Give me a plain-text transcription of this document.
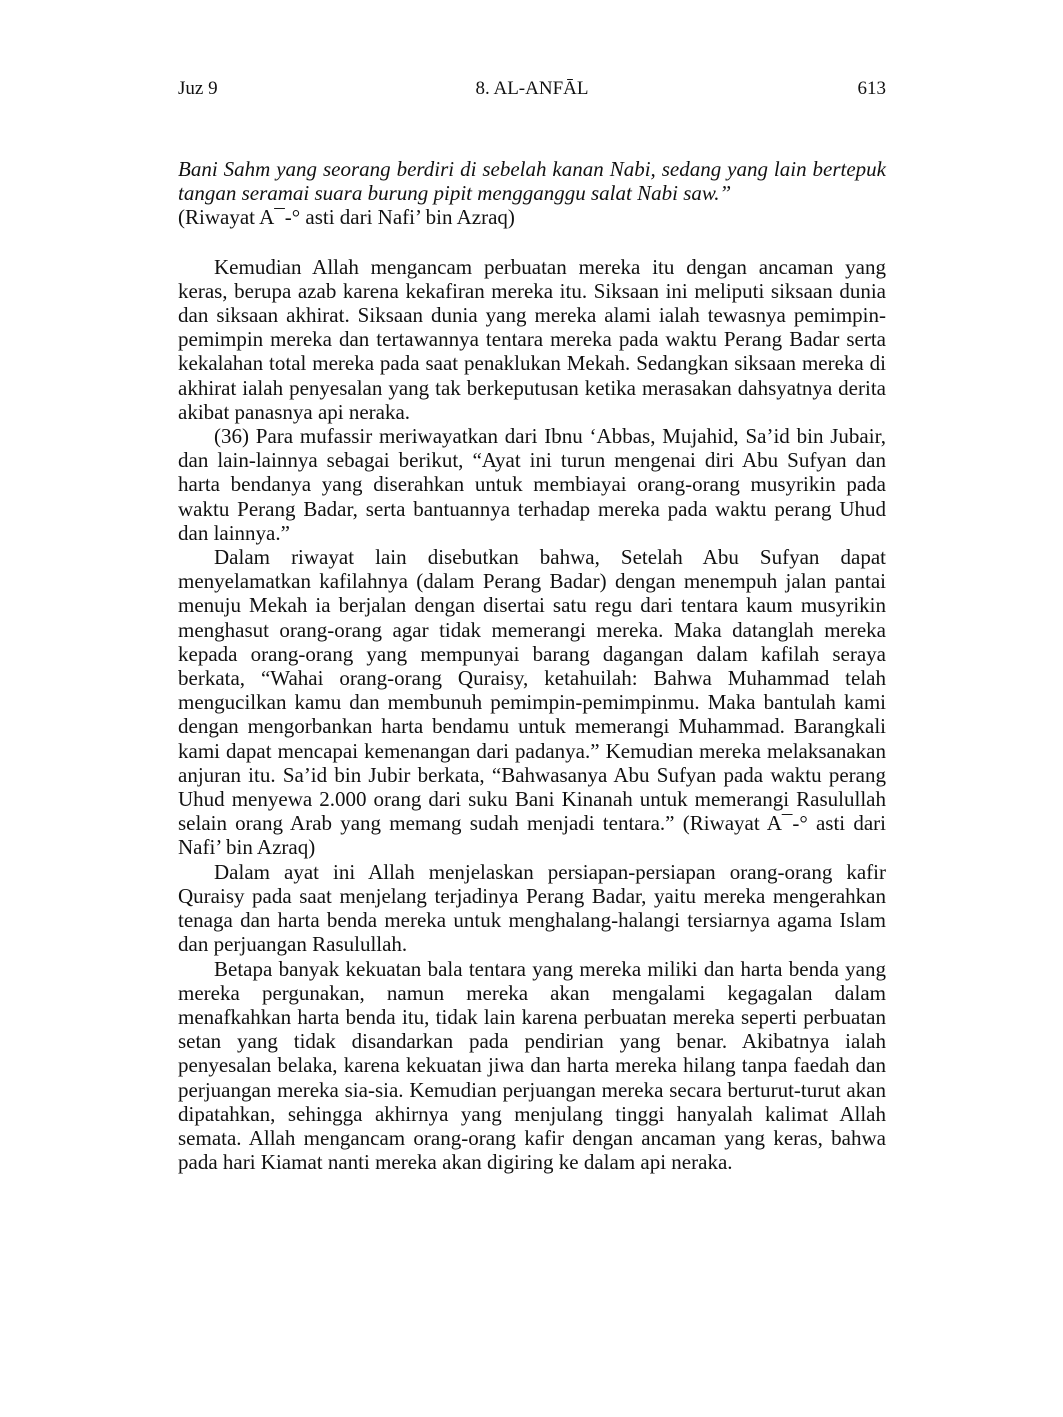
Juz 9	8. AL-ANFĀL	613

Bani Sahm yang seorang berdiri di sebelah kanan Nabi, sedang yang lain bertepuk tangan seramai suara burung pipit mengganggu salat Nabi saw.”
(Riwayat A¯-° asti dari Nafi’ bin Azraq)

Kemudian Allah mengancam perbuatan mereka itu dengan ancaman yang keras, berupa azab karena kekafiran mereka itu. Siksaan ini meliputi siksaan dunia dan siksaan akhirat. Siksaan dunia yang mereka alami ialah tewasnya pemimpin-pemimpin mereka dan tertawannya tentara mereka pada waktu Perang Badar serta kekalahan total mereka pada saat penaklukan Mekah. Sedangkan siksaan mereka di akhirat ialah penyesalan yang tak berkeputusan ketika merasakan dahsyatnya derita akibat panasnya api neraka.

(36) Para mufassir meriwayatkan dari Ibnu ‘Abbas, Mujahid, Sa’id bin Jubair, dan lain-lainnya sebagai berikut, “Ayat ini turun mengenai diri Abu Sufyan dan harta bendanya yang diserahkan untuk membiayai orang-orang musyrikin pada waktu Perang Badar, serta bantuannya terhadap mereka pada waktu perang Uhud dan lainnya.”

Dalam riwayat lain disebutkan bahwa, Setelah Abu Sufyan dapat menyelamatkan kafilahnya (dalam Perang Badar) dengan menempuh jalan pantai menuju Mekah ia berjalan dengan disertai satu regu dari tentara kaum musyrikin menghasut orang-orang agar tidak memerangi mereka. Maka datanglah mereka kepada orang-orang yang mempunyai barang dagangan dalam kafilah seraya berkata, “Wahai orang-orang Quraisy, ketahuilah: Bahwa Muhammad telah mengucilkan kamu dan membunuh pemimpin-pemimpinmu. Maka bantulah kami dengan mengorbankan harta bendamu untuk memerangi Muhammad. Barangkali kami dapat mencapai kemenangan dari padanya.” Kemudian mereka melaksanakan anjuran itu. Sa’id bin Jubir berkata, “Bahwasanya Abu Sufyan pada waktu perang Uhud menyewa 2.000 orang dari suku Bani Kinanah untuk memerangi Rasulullah selain orang Arab yang memang sudah menjadi tentara.” (Riwayat A¯-° asti dari Nafi’ bin Azraq)

Dalam ayat ini Allah menjelaskan persiapan-persiapan orang-orang kafir Quraisy pada saat menjelang terjadinya Perang Badar, yaitu mereka mengerahkan tenaga dan harta benda mereka untuk menghalang-halangi tersiarnya agama Islam dan perjuangan Rasulullah.

Betapa banyak kekuatan bala tentara yang mereka miliki dan harta benda yang mereka pergunakan, namun mereka akan mengalami kegagalan dalam menafkahkan harta benda itu, tidak lain karena perbuatan mereka seperti perbuatan setan yang tidak disandarkan pada pendirian yang benar. Akibatnya ialah penyesalan belaka, karena kekuatan jiwa dan harta mereka hilang tanpa faedah dan perjuangan mereka sia-sia. Kemudian perjuangan mereka secara berturut-turut akan dipatahkan, sehingga akhirnya yang menjulang tinggi hanyalah kalimat Allah semata. Allah mengancam orang-orang kafir dengan ancaman yang keras, bahwa pada hari Kiamat nanti mereka akan digiring ke dalam api neraka.
